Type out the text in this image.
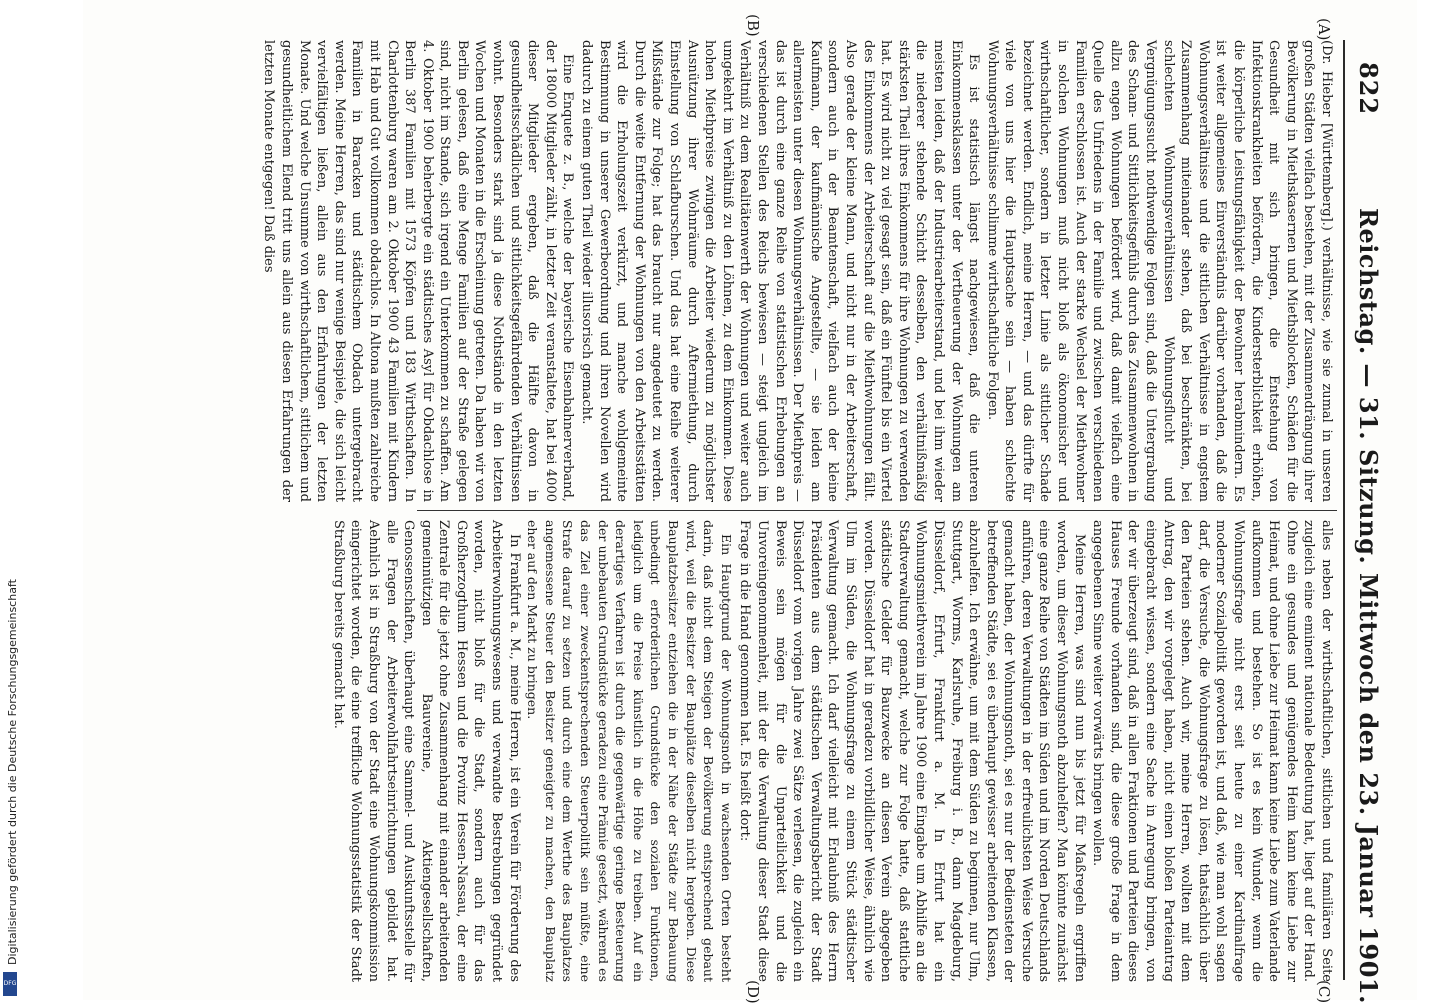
822
Reichstag. — 31. Sitzung. Mittwoch den 23. Januar 1901.
(A)
(B)
(C)
(D)

(Dr. Hieber [Württemberg].) verhältnisse, wie sie zumal in unseren großen Städten vielfach bestehen, mit der Zusammendrängung ihrer Bevölkerung in Miethskasernen und Miethsblocken, Schäden für die Gesundheit mit sich bringen, die Entstehung von Infektionskrankheiten befördern, die Kindersterblichkeit erhöhen, die körperliche Leistungsfähigkeit der Bewohner herabmindern. Es ist weiter allgemeines Einverständnis darüber vorhanden, daß die Wohnungsverhältnisse und die sittlichen Verhältnisse in engstem Zusammenhang miteinander stehen, daß bei beschränkten, bei schlechten Wohnungsverhältnissen Wohnungsflucht und Vergnügungssucht nothwendige Folgen sind, daß die Untergrabung des Scham- und Sittlichkeitsgefühls durch das Zusammenwohnen in allzu engen Wohnungen befördert wird, daß damit vielfach eine Quelle des Unfriedens in der Familie und zwischen verschiedenen Familien erschlossen ist. Auch der starke Wechsel der Miethwohner in solchen Wohnungen muß nicht bloß als ökonomischer und wirthschaftlicher, sondern in letzter Linie als sittlicher Schade bezeichnet werden. Endlich, meine Herren, — und das dürfte für viele von uns hier die Hauptsache sein — haben schlechte Wohnungsverhältnisse schlimme wirthschaftliche Folgen.

Es ist statistisch längst nachgewiesen, daß die unteren Einkommensklassen unter der Vertheuerung der Wohnungen am meisten leiden, daß der Industriearbeiterstand, und bei ihm wieder die niederer stehende Schicht desselben, den verhältnißmäßig stärksten Theil ihres Einkommens für ihre Wohnungen zu verwenden hat. Es wird nicht zu viel gesagt sein, daß ein Fünftel bis ein Viertel des Einkommens der Arbeiterschaft auf die Miethwohnungen fällt. Also gerade der kleine Mann, und nicht nur in der Arbeiterschaft, sondern auch in der Beamtenschaft, vielfach auch der kleine Kaufmann, der kaufmännische Angestellte, — sie leiden am allermeisten unter diesen Wohnungsverhältnissen. Der Miethpreis — das ist durch eine ganze Reihe von statistischen Erhebungen an verschiedenen Stellen des Reichs bewiesen — steigt ungleich im Verhältniß zu dem Realitätenwerth der Wohnungen und weiter auch umgekehrt im Verhältniß zu den Löhnen, zu dem Einkommen. Diese hohen Miethpreise zwingen die Arbeiter wiederum zu möglichster Ausnützung ihrer Wohnräume durch Aftermiethung, durch Einstellung von Schlafburschen. Und das hat eine Reihe weiterer Mißstände zur Folge; hat das braucht nur angedeutet zu werden. Durch die weite Entfernung der Wohnungen von den Arbeitsstätten wird die Erholungszeit verkürzt, und manche wohlgemeinte Bestimmung in unserer Gewerbeordnung und ihren Novellen wird dadurch zu einem guten Theil wieder illusorisch gemacht.

Eine Enquete z. B., welche der bayerische Eisenbahnerverband, der 18000 Mitglieder zählt, in letzter Zeit veranstaltete, hat bei 4000 dieser Mitglieder ergeben, daß die Hälfte davon in gesundheitsschädlichen und sittlichkeitsgefährdenden Verhältnissen wohnt. Besonders stark sind ja diese Nothstände in den letzten Wochen und Monaten in die Erscheinung getreten. Da haben wir von Berlin gelesen, daß eine Menge Familien auf der Straße gelegen sind, nicht im Stande, sich irgend ein Unterkommen zu schaffen. Am 4. Oktober 1900 beherbergte ein städtisches Asyl für Obdachlose in Berlin 387 Familien mit 1573 Köpfen und 183 Wirthschaften. In Charlottenburg waren am 2. Oktober 1900 43 Familien mit Kindern mit Hab und Gut vollkommen obdachlos. In Altona mußten zahlreiche Familien in Baracken und städtischem Obdach untergebracht werden. Meine Herren, das sind nur wenige Beispiele, die sich leicht vervielfältigen ließen, allein aus den Erfahrungen der letzten Monate. Und welche Unsumme von wirthschaftlichem, sittlichem und gesundheitlichem Elend tritt uns allein aus diesen Erfahrungen der letzten Monate entgegen! Daß dies

alles neben der wirthschaftlichen, sittlichen und familiären Seite zugleich eine eminent nationale Bedeutung hat, liegt auf der Hand. Ohne ein gesundes und genügendes Heim kann keine Liebe zur Heimat, und ohne Liebe zur Heimat kann keine Liebe zum Vaterlande aufkommen und bestehen. So ist es kein Wunder, wenn die Wohnungsfrage nicht erst seit heute zu einer Kardinalfrage moderner Sozialpolitik geworden ist, und daß, wie man wohl sagen darf, die Versuche, die Wohnungsfrage zu lösen, thatsächlich über den Parteien stehen. Auch wir, meine Herren, wollten mit dem Antrag, den wir vorgelegt haben, nicht einen bloßen Parteiantrag eingebracht wissen, sondern eine Sache in Anregung bringen, von der wir überzeugt sind, daß in allen Fraktionen und Parteien dieses Hauses Freunde vorhanden sind, die diese große Frage in dem angegebenen Sinne weiter vorwärts bringen wollen.

Meine Herren, was sind nun bis jetzt für Maßregeln ergriffen worden, um dieser Wohnungsnoth abzuhelfen? Man könnte zunächst eine ganze Reihe von Städten im Süden und im Norden Deutschlands anführen, deren Verwaltungen in der erfreulichsten Weise Versuche gemacht haben, der Wohnungsnoth, sei es nur der Bediensteten der betreffenden Städte, sei es überhaupt gewisser arbeitenden Klassen, abzuhelfen. Ich erwähne, um mit dem Süden zu beginnen, nur Ulm, Stuttgart, Worms, Karlsruhe, Freiburg i. B., dann Magdeburg, Düsseldorf, Erfurt, Frankfurt a. M. In Erfurt hat ein Wohnungsmiethverein im Jahre 1900 eine Eingabe um Abhilfe an die Stadtverwaltung gemacht, welche zur Folge hatte, daß stattliche städtische Gelder für Bauzwecke an diesen Verein abgegeben worden. Düsseldorf hat in geradezu vorbildlicher Weise, ähnlich wie Ulm im Süden, die Wohnungsfrage zu einem Stück städtischer Verwaltung gemacht. Ich darf vielleicht mit Erlaubniß des Herrn Präsidenten aus dem städtischen Verwaltungsbericht der Stadt Düsseldorf vom vorigen Jahre zwei Sätze verlesen, die zugleich ein Beweis sein mögen für die Unparteilichkeit und die Unvoreingenommenheit, mit der die Verwaltung dieser Stadt diese Frage in die Hand genommen hat. Es heißt dort:

Ein Hauptgrund der Wohnungsnoth in wachsenden Orten besteht darin, daß nicht dem Steigen der Bevölkerung entsprechend gebaut wird, weil die Besitzer der Bauplätze dieselben nicht hergeben. Diese Bauplatzbesitzer entziehen die in der Nähe der Städte zur Bebauung unbedingt erforderlichen Grundstücke den sozialen Funktionen, lediglich um die Preise künstlich in die Höhe zu treiben. Auf ein derartiges Verfahren ist durch die gegenwärtige geringe Besteuerung der unbebauten Grundstücke geradezu eine Prämie gesetzt, während es das Ziel einer zweckentsprechenden Steuerpolitik sein müßte, eine Strafe darauf zu setzen und durch eine dem Werthe des Bauplatzes angemessene Steuer den Besitzer geneigter zu machen, den Bauplatz eher auf den Markt zu bringen.

In Frankfurt a. M., meine Herren, ist ein Verein für Förderung des Arbeiterwohnungswesens und verwandte Bestrebungen gegründet worden, nicht bloß für die Stadt, sondern auch für das Großherzogthum Hessen und die Provinz Hessen-Nassau, der eine Zentrale für die jetzt ohne Zusammenhang mit einander arbeitenden gemeinnützigen Bauvereine, Aktiengesellschaften, Genossenschaften, überhaupt eine Sammel- und Auskunftsstelle für alle Fragen der Arbeiterwohlfahrtseinrichtungen gebildet hat. Aehnlich ist in Straßburg von der Stadt eine Wohnungskommission eingerichtet worden, die eine treffliche Wohnungsstatistik der Stadt Straßburg bereits gemacht hat.

Digitalisierung gefördert durch die Deutsche Forschungsgemeinschaft
DFG
